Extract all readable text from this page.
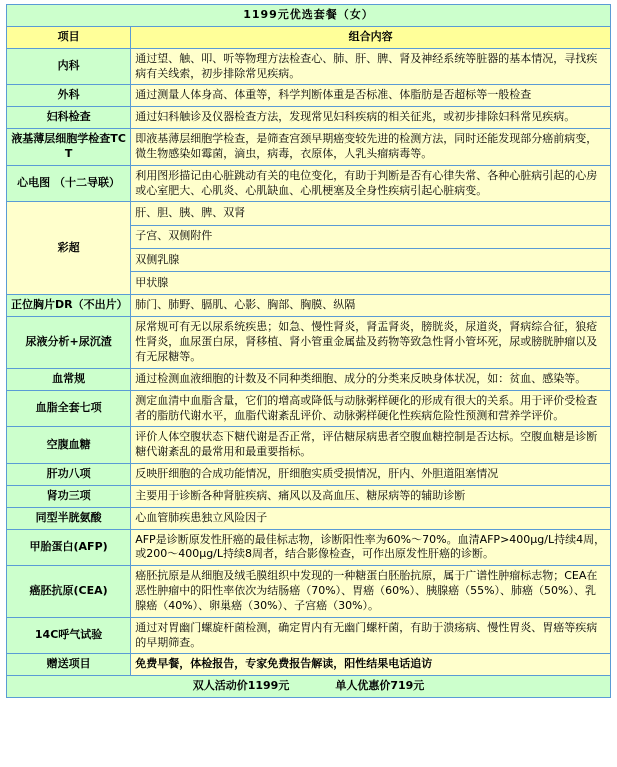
1199元优选套餐（女）	
项目	组合内容
内科	通过望、触、叩、听等物理方法检查心、肺、肝、脾、肾及神经系统等脏器的基本情况，寻找疾病有关线索，初步排除常见疾病。
外科	通过测量人体身高、体重等，科学判断体重是否标准、体脂肪是否超标等一般检查
妇科检查	通过妇科触诊及仪器检查方法，发现常见妇科疾病的相关征兆，或初步排除妇科常见疾病。
液基薄层细胞学检查TCT	即液基薄层细胞学检查，是筛查宫颈早期癌变较先进的检测方法，同时还能发现部分癌前病变，微生物感染如霉菌，滴虫，病毒，衣原体，人乳头瘤病毒等。
心电图 （十二导联）	利用图形描记由心脏跳动有关的电位变化，有助于判断是否有心律失常、各种心脏病引起的心房或心室肥大、心肌炎、心肌缺血、心肌梗塞及全身性疾病引起心脏病变。
彩超	肝、胆、胰、脾、双肾
	子宫、双侧附件
	双侧乳腺
	甲状腺
正位胸片DR（不出片）	肺门、肺野、膈肌、心影、胸部、胸膜、纵隔
尿液分析+尿沉渣	尿常规可有无以尿系统疾患；如急、慢性肾炎，肾盂肾炎，膀胱炎，尿道炎，肾病综合征，狼疮性肾炎，血尿蛋白尿，肾移植、肾小管重金属盐及药物等致急性肾小管坏死，尿或膀胱肿瘤以及有无尿糖等。
血常规	通过检测血液细胞的计数及不同种类细胞、成分的分类来反映身体状况，如：贫血、感染等。
血脂全套七项	测定血清中血脂含量，它们的增高或降低与动脉粥样硬化的形成有很大的关系。用于评价受检查者的脂肪代谢水平，血脂代谢紊乱评价、动脉粥样硬化性疾病危险性预测和营养学评价。
空腹血糖	评价人体空腹状态下糖代谢是否正常，评估糖尿病患者空腹血糖控制是否达标。空腹血糖是诊断糖代谢紊乱的最常用和最重要指标。
肝功八项	反映肝细胞的合成功能情况，肝细胞实质受损情况，肝内、外胆道阻塞情况
肾功三项	主要用于诊断各种肾脏疾病、痛风以及高血压、糖尿病等的辅助诊断
同型半胱氨酸	心血管肺疾患独立风险因子
甲胎蛋白(AFP)	AFP是诊断原发性肝癌的最佳标志物，诊断阳性率为60%～70%。血清AFP>400μg/L持续4周，或200～400μg/L持续8周者，结合影像检查，可作出原发性肝癌的诊断。
癌胚抗原(CEA)	癌胚抗原是从细胞及绒毛膜组织中发现的一种糖蛋白胚胎抗原，属于广谱性肿瘤标志物；CEA在恶性肿瘤中的阳性率依次为结肠癌（70%）、胃癌（60%）、胰腺癌（55%）、肺癌（50%）、乳腺癌（40%）、卵巢癌（30%）、子宫癌（30%）。
14C呼气试验	通过对胃幽门螺旋杆菌检测，确定胃内有无幽门螺杆菌，有助于溃疡病、慢性胃炎、胃癌等疾病的早期筛查。
赠送项目	免费早餐，体检报告，专家免费报告解读，阳性结果电话追访

双人活动价1199元 单人优惠价719元	
